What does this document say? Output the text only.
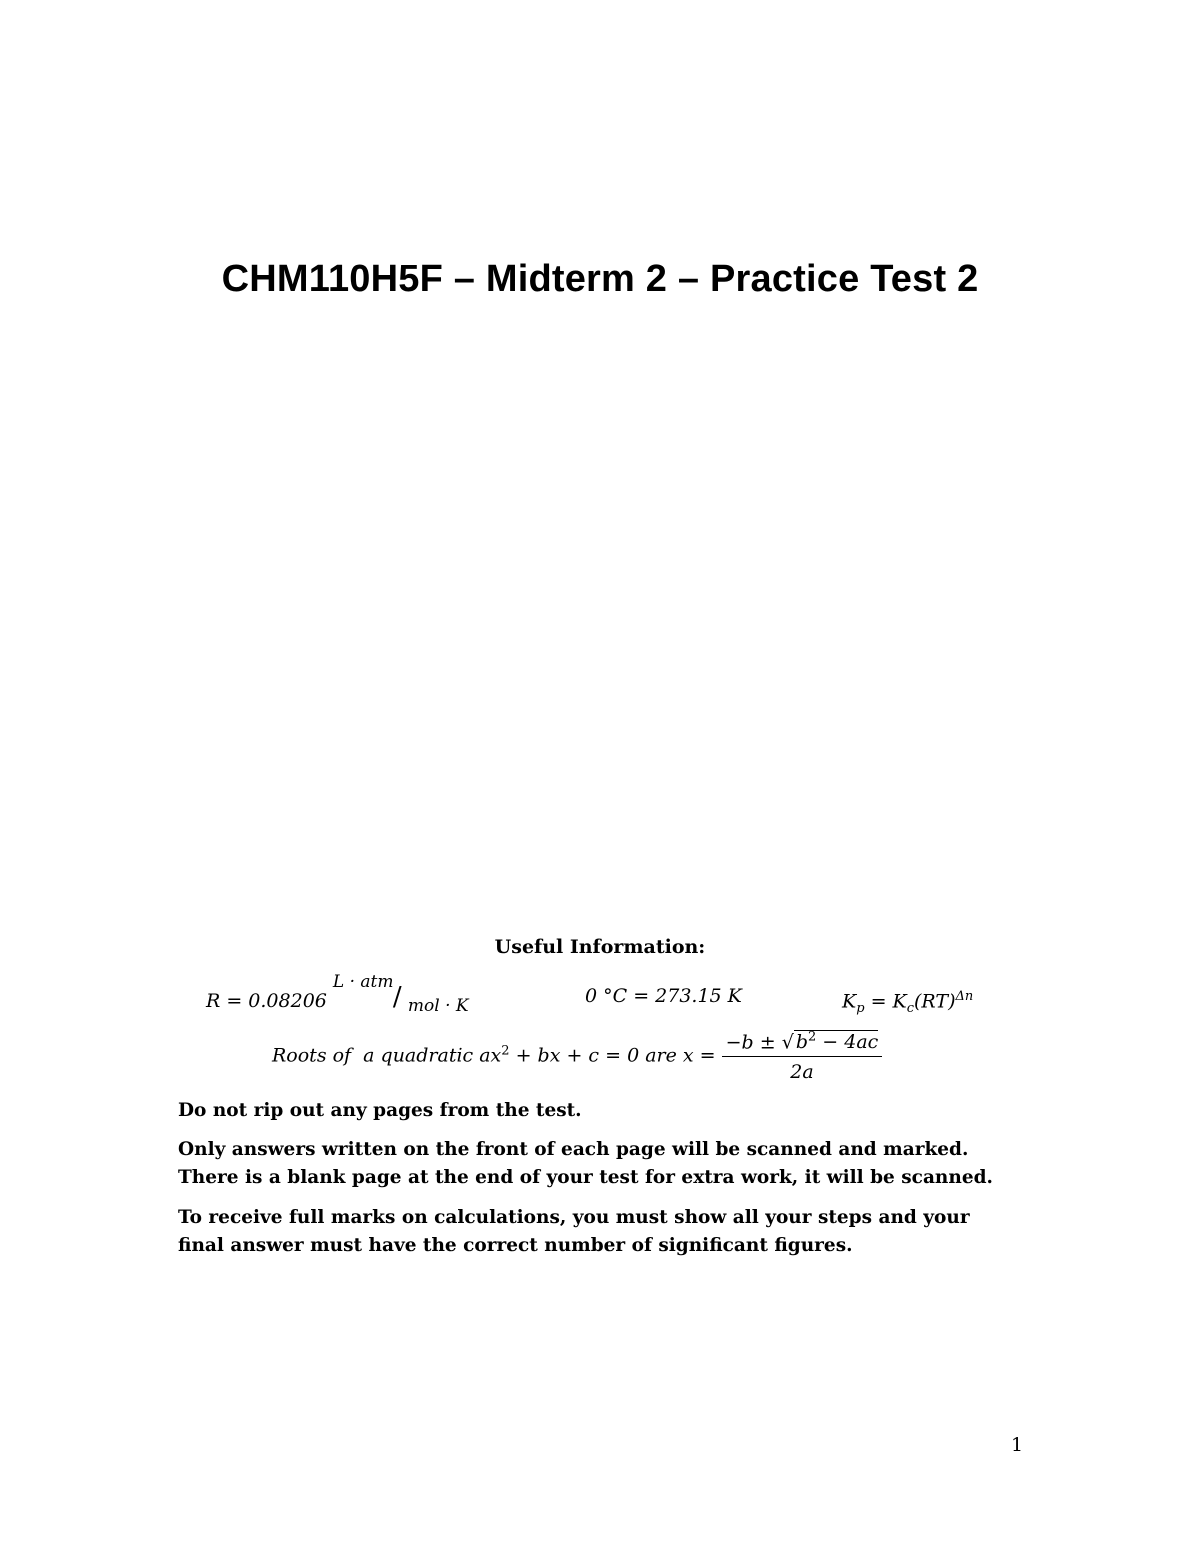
CHM110H5F – Midterm 2 – Practice Test 2
Useful Information:
R = 0.08206
L · atm / mol · K	0 °C = 273.15 K	$K_p = K_c(RT)^{\Delta n}$
Roots of  a quadratic $ax^2$ + bx + c = 0 are $x = \frac{-b \pm √ b^2 - 4ac}{2a}$
Do not rip out any pages from the test.
Only answers written on the front of each page will be scanned and marked.
There is a blank page at the end of your test for extra work, it will be scanned.
To receive full marks on calculations, you must show all your steps and your
final answer must have the correct number of significant figures.
1
